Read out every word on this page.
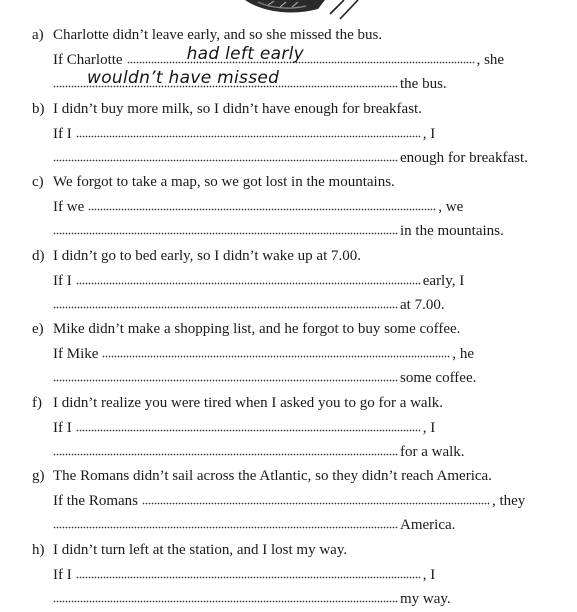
a) Charlotte didn’t leave early, and so she missed the bus.
If Charlotte	had left early	, she
wouldn’t have missed	the bus.
b) I didn’t buy more milk, so I didn’t have enough for breakfast.
If I	, I
enough for breakfast.
c) We forgot to take a map, so we got lost in the mountains.
If we	, we
in the mountains.
d) I didn’t go to bed early, so I didn’t wake up at 7.00.
If I	early, I
at 7.00.
e) Mike didn’t make a shopping list, and he forgot to buy some coffee.
If Mike	, he
some coffee.
f) I didn’t realize you were tired when I asked you to go for a walk.
If I	, I
for a walk.
g) The Romans didn’t sail across the Atlantic, so they didn’t reach America.
If the Romans	, they
America.
h) I didn’t turn left at the station, and I lost my way.
If I	, I
my way.
